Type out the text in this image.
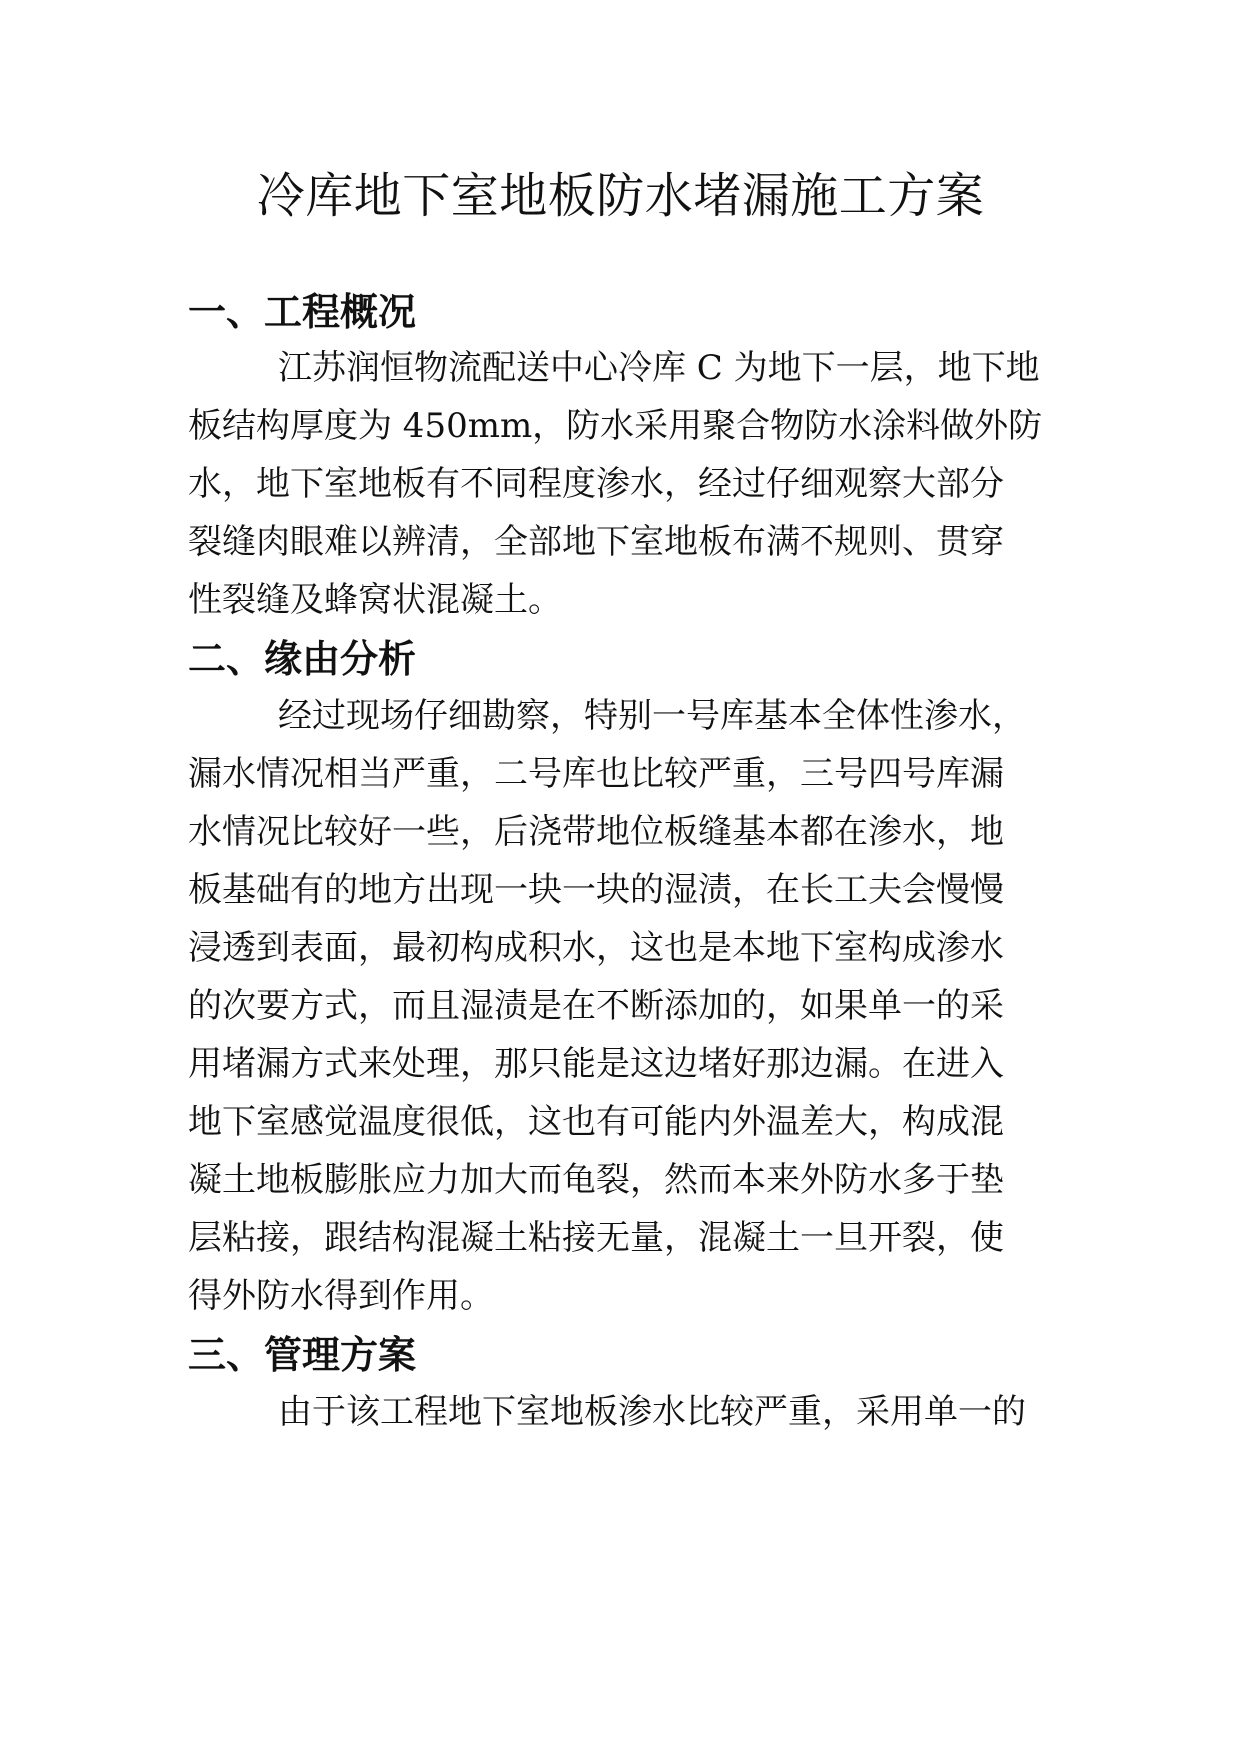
冷库地下室地板防水堵漏施工方案
一、工程概况

江苏润恒物流配送中心冷库 C 为地下一层，地下地

板结构厚度为 450mm，防水采用聚合物防水涂料做外防

水，地下室地板有不同程度渗水，经过仔细观察大部分

裂缝肉眼难以辨清，全部地下室地板布满不规则、贯穿

性裂缝及蜂窝状混凝土。

二、缘由分析

经过现场仔细勘察，特别一号库基本全体性渗水，

漏水情况相当严重，二号库也比较严重，三号四号库漏

水情况比较好一些，后浇带地位板缝基本都在渗水，地

板基础有的地方出现一块一块的湿渍，在长工夫会慢慢

浸透到表面，最初构成积水，这也是本地下室构成渗水

的次要方式，而且湿渍是在不断添加的，如果单一的采

用堵漏方式来处理，那只能是这边堵好那边漏。在进入

地下室感觉温度很低，这也有可能内外温差大，构成混

凝土地板膨胀应力加大而龟裂，然而本来外防水多于垫

层粘接，跟结构混凝土粘接无量，混凝土一旦开裂，使

得外防水得到作用。

三、管理方案

由于该工程地下室地板渗水比较严重，采用单一的
